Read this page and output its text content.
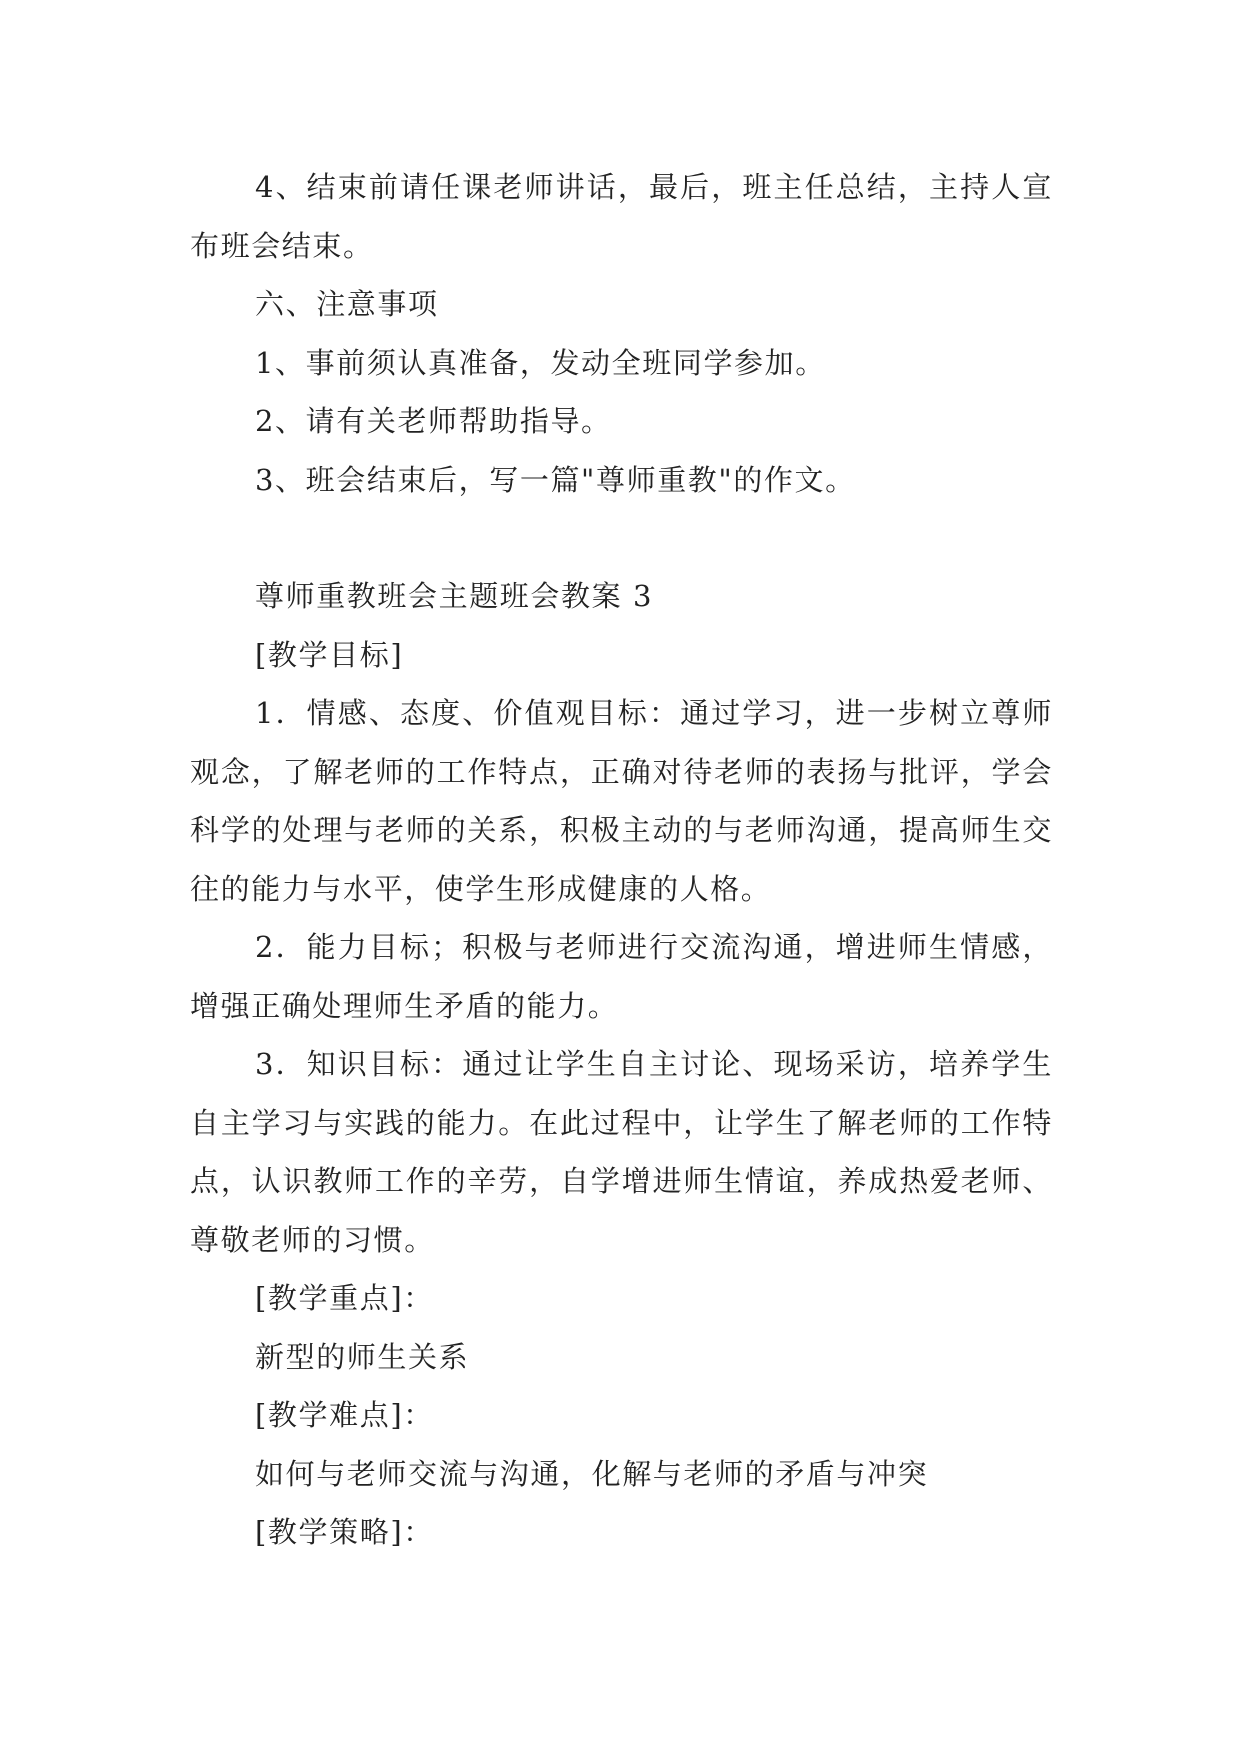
4、结束前请任课老师讲话，最后，班主任总结，主持人宣布班会结束。

六、注意事项

1、事前须认真准备，发动全班同学参加。

2、请有关老师帮助指导。

3、班会结束后，写一篇"尊师重教"的作文。

尊师重教班会主题班会教案 3

[教学目标]

1．情感、态度、价值观目标：通过学习，进一步树立尊师观念，了解老师的工作特点，正确对待老师的表扬与批评，学会科学的处理与老师的关系，积极主动的与老师沟通，提高师生交往的能力与水平，使学生形成健康的人格。

2．能力目标；积极与老师进行交流沟通，增进师生情感，增强正确处理师生矛盾的能力。

3．知识目标：通过让学生自主讨论、现场采访，培养学生自主学习与实践的能力。在此过程中，让学生了解老师的工作特点，认识教师工作的辛劳，自学增进师生情谊，养成热爱老师、尊敬老师的习惯。

[教学重点]：

新型的师生关系

[教学难点]：

如何与老师交流与沟通，化解与老师的矛盾与冲突

[教学策略]：
